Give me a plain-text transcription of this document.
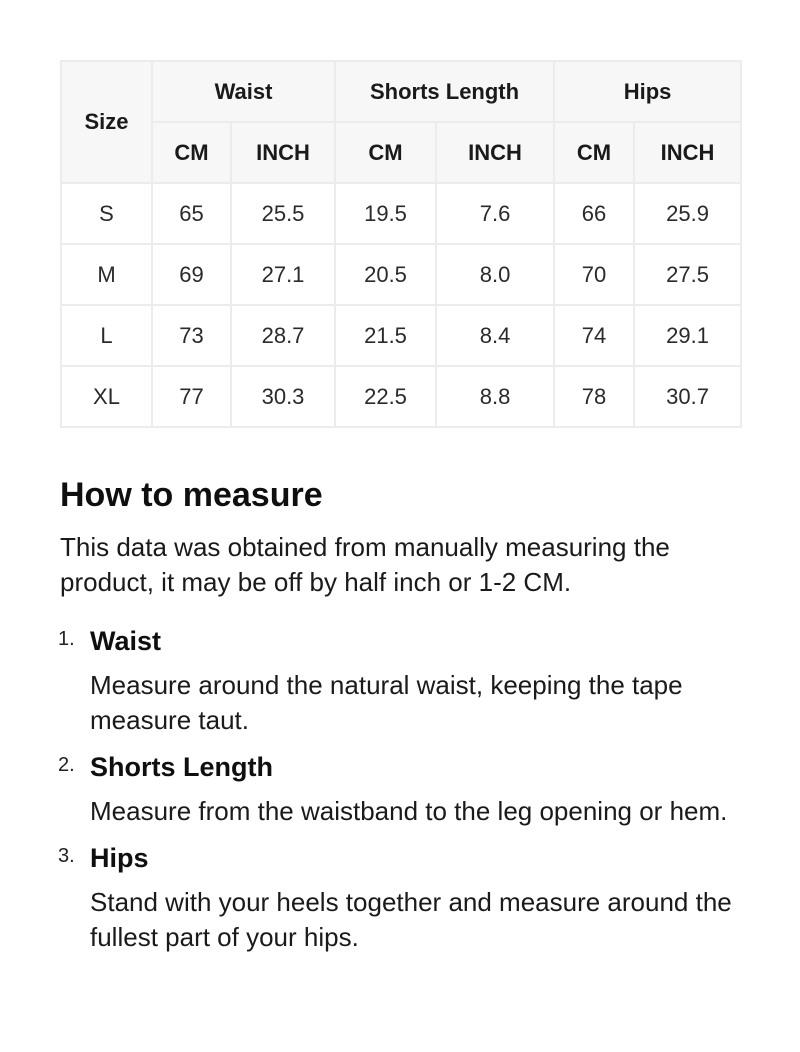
Size	Waist		Shorts Length		Hips	
	CM	INCH	CM	INCH	CM	INCH
S	65	25.5	19.5	7.6	66	25.9
M	69	27.1	20.5	8.0	70	27.5
L	73	28.7	21.5	8.4	74	29.1
XL	77	30.3	22.5	8.8	78	30.7
How to measure

This data was obtained from manually measuring the product, it may be off by half inch or 1-2 CM.

1. Waist
Measure around the natural waist, keeping the tape measure taut.
2. Shorts Length
Measure from the waistband to the leg opening or hem.
3. Hips
Stand with your heels together and measure around the fullest part of your hips.
